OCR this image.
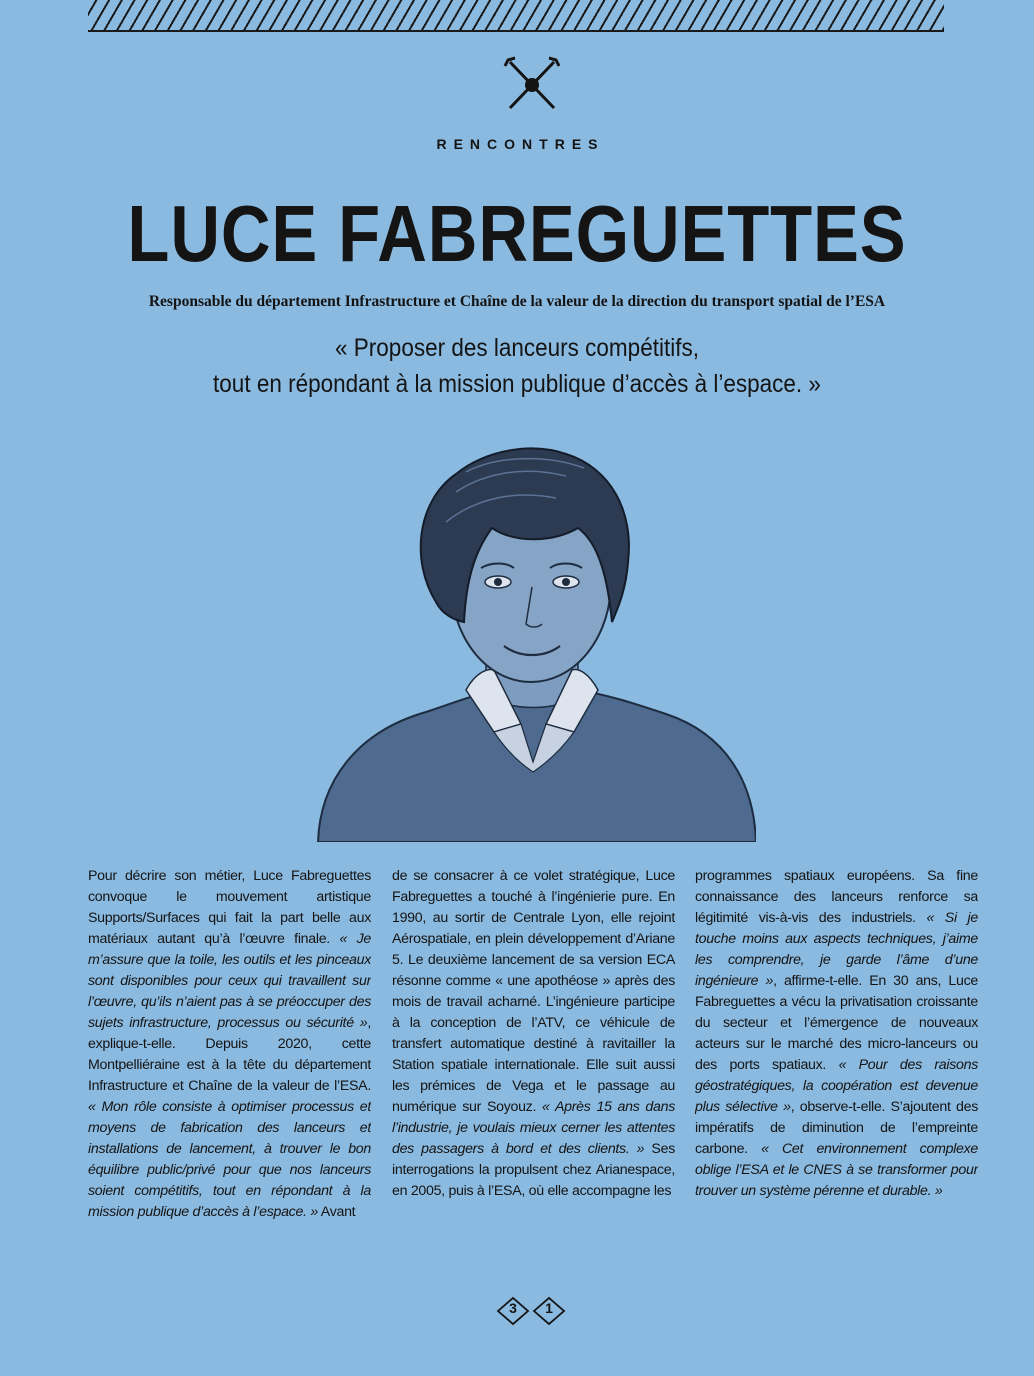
RENCONTRES
LUCE FABREGUETTES
Responsable du département Infrastructure et Chaîne de la valeur de la direction du transport spatial de l’ESA
« Proposer des lanceurs compétitifs,
tout en répondant à la mission publique d’accès à l’espace. »

Pour décrire son métier, Luce Fabreguettes convoque le mouvement artistique Supports/Surfaces qui fait la part belle aux matériaux autant qu’à l’œuvre finale. « Je m’assure que la toile, les outils et les pinceaux sont disponibles pour ceux qui travaillent sur l’œuvre, qu’ils n’aient pas à se préoccuper des sujets infrastructure, processus ou sécurité », explique-t-elle. Depuis 2020, cette Montpelliéraine est à la tête du département Infrastructure et Chaîne de la valeur de l’ESA. « Mon rôle consiste à optimiser processus et moyens de fabrication des lanceurs et installations de lancement, à trouver le bon équilibre public/privé pour que nos lanceurs soient compétitifs, tout en répondant à la mission publique d’accès à l’espace. » Avant

de se consacrer à ce volet stratégique, Luce Fabreguettes a touché à l’ingénierie pure. En 1990, au sortir de Centrale Lyon, elle rejoint Aérospatiale, en plein développement d’Ariane 5. Le deuxième lancement de sa version ECA résonne comme « une apothéose » après des mois de travail acharné. L’ingénieure participe à la conception de l’ATV, ce véhicule de transfert automatique destiné à ravitailler la Station spatiale internationale. Elle suit aussi les prémices de Vega et le passage au numérique sur Soyouz. « Après 15 ans dans l’industrie, je voulais mieux cerner les attentes des passagers à bord et des clients. » Ses interrogations la propulsent chez Arianespace, en 2005, puis à l’ESA, où elle accompagne les

programmes spatiaux européens. Sa fine connaissance des lanceurs renforce sa légitimité vis-à-vis des industriels. « Si je touche moins aux aspects techniques, j’aime les comprendre, je garde l’âme d’une ingénieure », affirme-t-elle. En 30 ans, Luce Fabreguettes a vécu la privatisation croissante du secteur et l’émergence de nouveaux acteurs sur le marché des micro-lanceurs ou des ports spatiaux. « Pour des raisons géostratégiques, la coopération est devenue plus sélective », observe-t-elle. S’ajoutent des impératifs de diminution de l’empreinte carbone. « Cet environnement complexe oblige l’ESA et le CNES à se transformer pour trouver un système pérenne et durable. »

3	1
